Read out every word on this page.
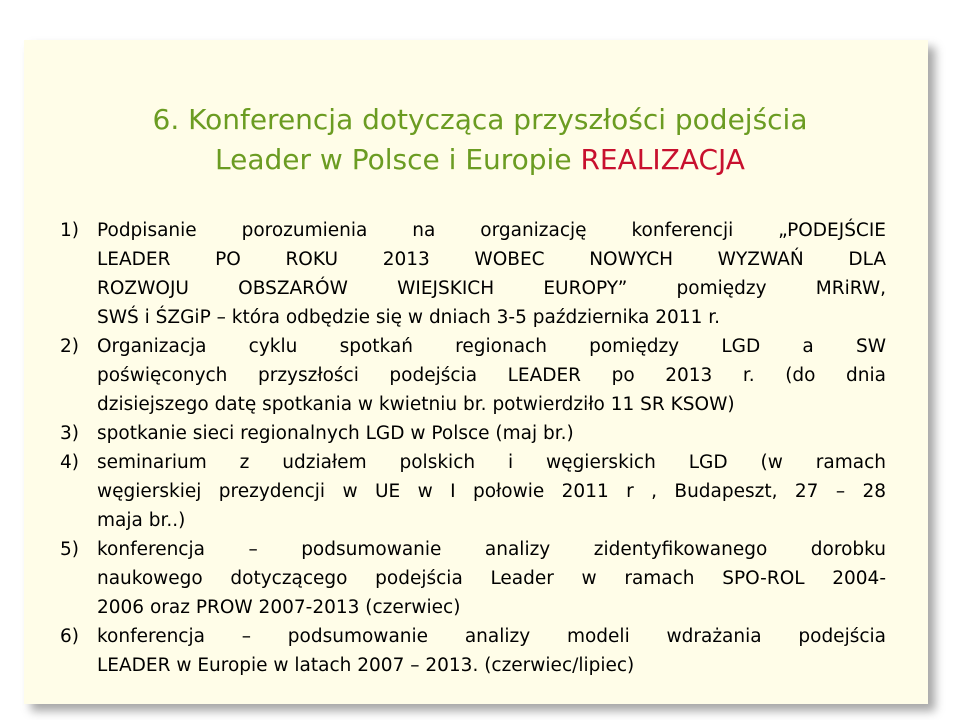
6. Konferencja dotycząca przyszłości podejścia
Leader w Polsce i Europie REALIZACJA
1) Podpisanie porozumienia na organizację konferencji „PODEJŚCIE
LEADER PO ROKU 2013 WOBEC NOWYCH WYZWAŃ DLA
ROZWOJU OBSZARÓW WIEJSKICH EUROPY” pomiędzy MRiRW,
SWŚ i ŚZGiP – która odbędzie się w dniach 3-5 października 2011 r.
2) Organizacja cyklu spotkań regionach pomiędzy LGD a SW
poświęconych przyszłości podejścia LEADER po 2013 r. (do dnia
dzisiejszego datę spotkania w kwietniu br. potwierdziło 11 SR KSOW)
3) spotkanie sieci regionalnych LGD w Polsce (maj br.)
4) seminarium z udziałem polskich i węgierskich LGD (w ramach
węgierskiej prezydencji w UE w I połowie 2011 r , Budapeszt, 27 – 28
maja br..)
5) konferencja – podsumowanie analizy zidentyfikowanego dorobku
naukowego dotyczącego podejścia Leader w ramach SPO-ROL 2004-
2006 oraz PROW 2007-2013 (czerwiec)
6) konferencja – podsumowanie analizy modeli wdrażania podejścia
LEADER w Europie w latach 2007 – 2013. (czerwiec/lipiec)
